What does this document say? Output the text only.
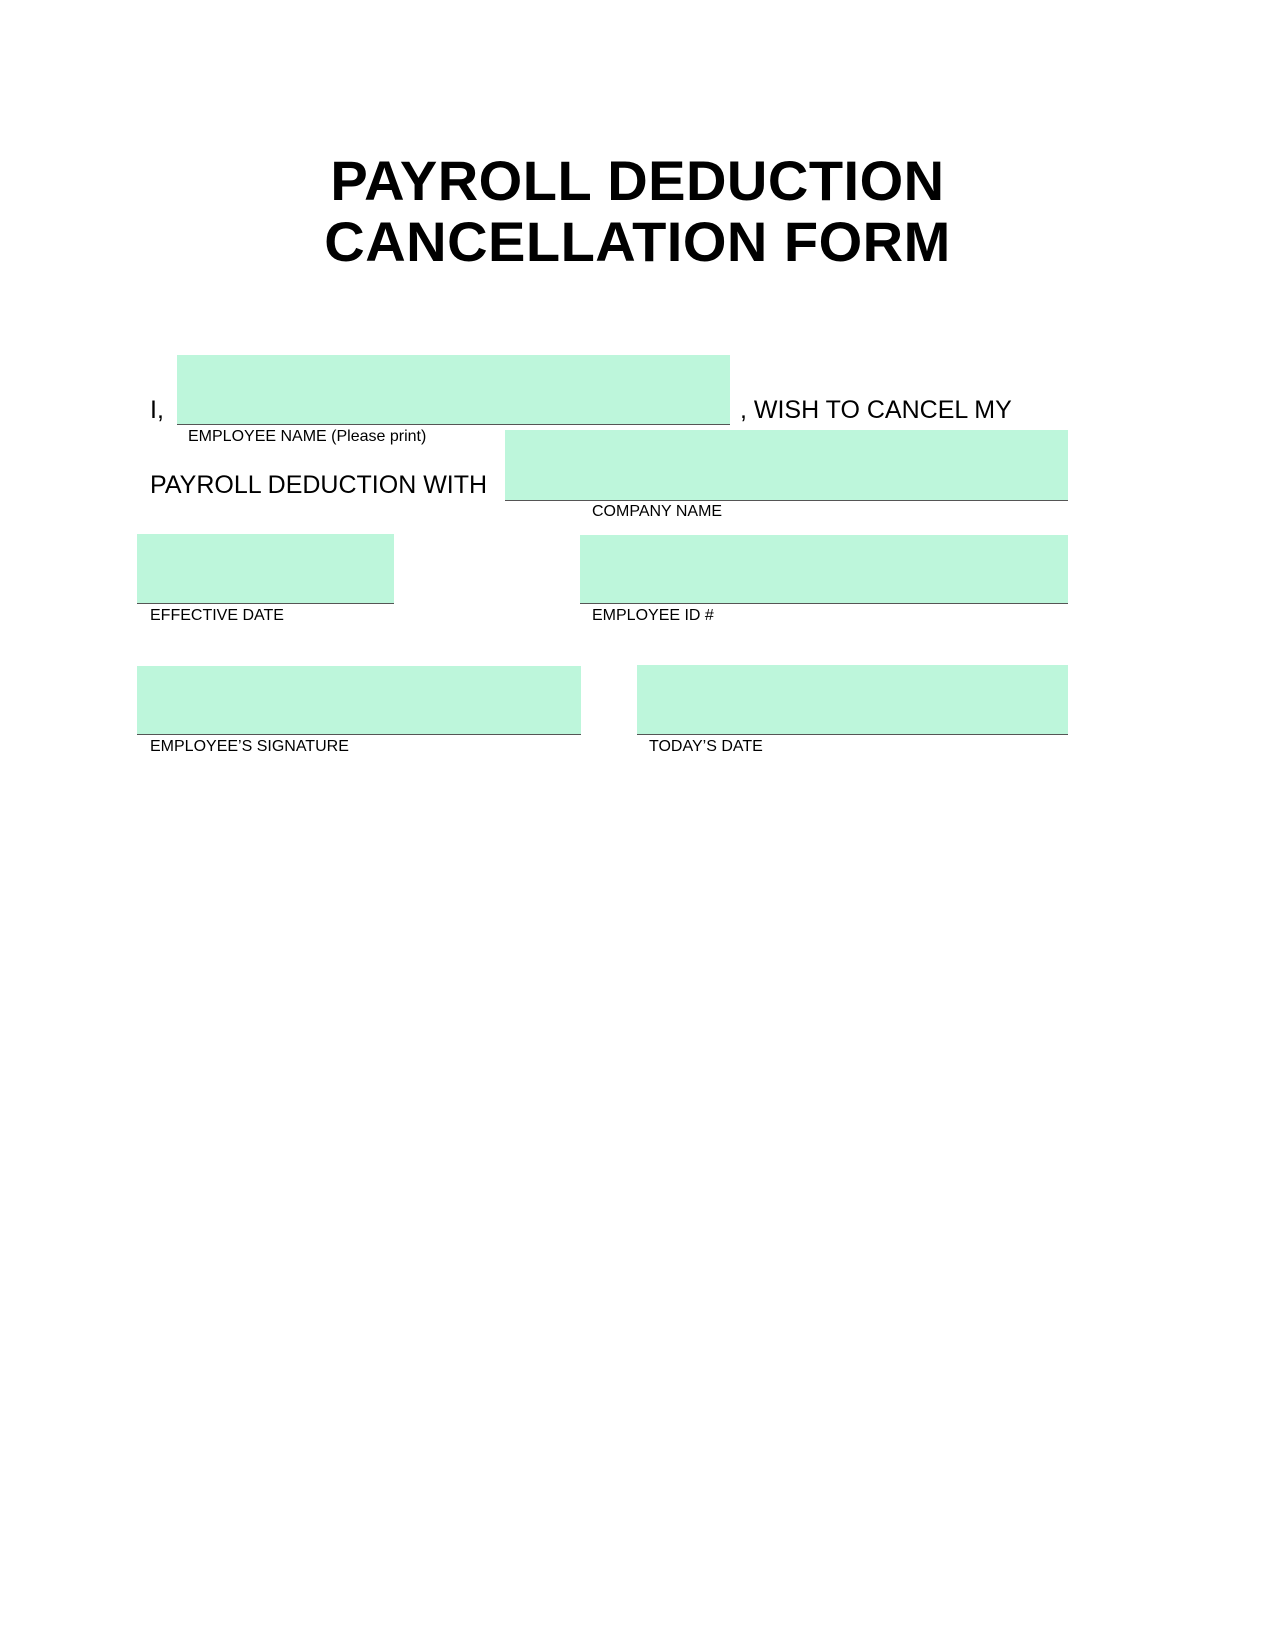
PAYROLL DEDUCTION
CANCELLATION FORM
I,	, WISH TO CANCEL MY
EMPLOYEE NAME (Please print)
PAYROLL DEDUCTION WITH
COMPANY NAME
EFFECTIVE DATE	EMPLOYEE ID #
EMPLOYEE’S SIGNATURE	TODAY’S DATE
